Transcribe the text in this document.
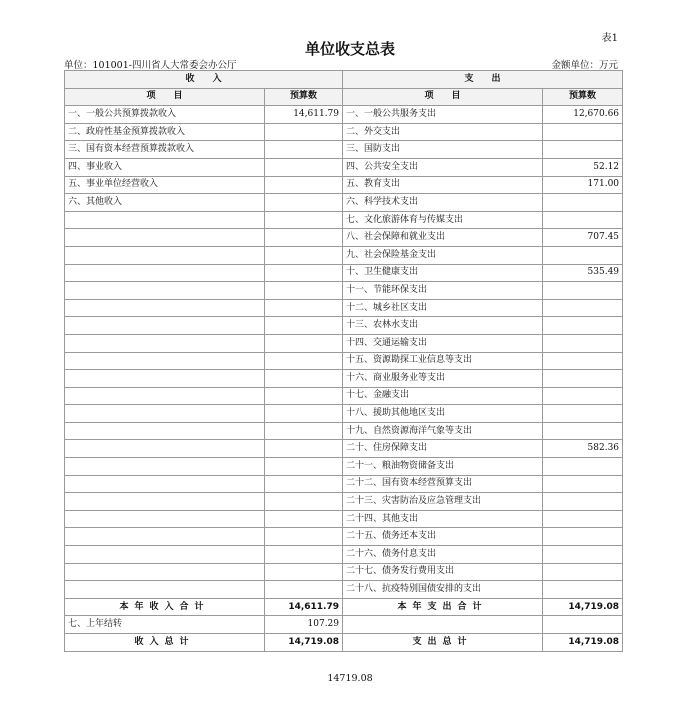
表1
单位收支总表
单位：101001-四川省人大常委会办公厅	金额单位：万元
收　　入		支　　出	
项　　目	预算数	项　　目	预算数
一、一般公共预算拨款收入	14,611.79	一、一般公共服务支出	12,670.66
二、政府性基金预算拨款收入		二、外交支出	
三、国有资本经营预算拨款收入		三、国防支出	
四、事业收入		四、公共安全支出	52.12
五、事业单位经营收入		五、教育支出	171.00
六、其他收入		六、科学技术支出	
		七、文化旅游体育与传媒支出	
		八、社会保障和就业支出	707.45
		九、社会保险基金支出	
		十、卫生健康支出	535.49
		十一、节能环保支出	
		十二、城乡社区支出	
		十三、农林水支出	
		十四、交通运输支出	
		十五、资源勘探工业信息等支出	
		十六、商业服务业等支出	
		十七、金融支出	
		十八、援助其他地区支出	
		十九、自然资源海洋气象等支出	
		二十、住房保障支出	582.36
		二十一、粮油物资储备支出	
		二十二、国有资本经营预算支出	
		二十三、灾害防治及应急管理支出	
		二十四、其他支出	
		二十五、债务还本支出	
		二十六、债务付息支出	
		二十七、债务发行费用支出	
		二十八、抗疫特别国债安排的支出	
本年收入合计	14,611.79	本年支出合计	14,719.08
七、上年结转	107.29		
收入总计	14,719.08	支出总计	14,719.08
14719.08
